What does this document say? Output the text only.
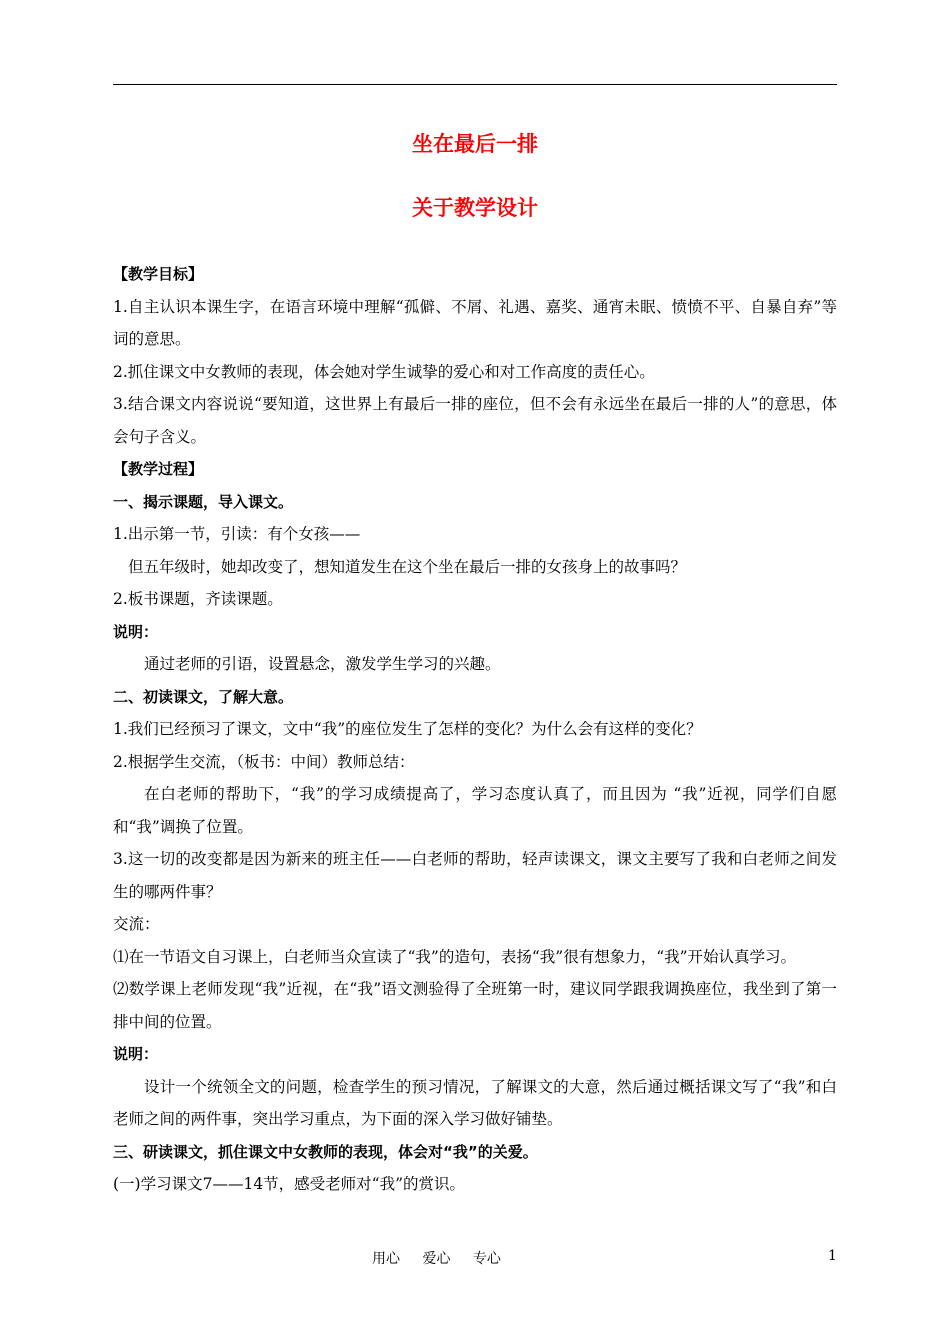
坐在最后一排
关于教学设计

【教学目标】

1.自主认识本课生字，在语言环境中理解“孤僻、不屑、礼遇、嘉奖、通宵未眠、愤愤不平、自暴自弃”等词的意思。

2.抓住课文中女教师的表现，体会她对学生诚挚的爱心和对工作高度的责任心。

3.结合课文内容说说“要知道，这世界上有最后一排的座位，但不会有永远坐在最后一排的人”的意思，体会句子含义。

【教学过程】

一、揭示课题，导入课文。

1.出示第一节，引读：有个女孩——

但五年级时，她却改变了，想知道发生在这个坐在最后一排的女孩身上的故事吗？

2.板书课题，齐读课题。

说明：

通过老师的引语，设置悬念，激发学生学习的兴趣。

二、初读课文，了解大意。

1.我们已经预习了课文，文中“我”的座位发生了怎样的变化？为什么会有这样的变化？

2.根据学生交流，（板书：中间）教师总结：

在白老师的帮助下，“我”的学习成绩提高了，学习态度认真了，而且因为 “我”近视，同学们自愿和“我”调换了位置。

3.这一切的改变都是因为新来的班主任——白老师的帮助，轻声读课文，课文主要写了我和白老师之间发生的哪两件事？

交流：

⑴在一节语文自习课上，白老师当众宣读了“我”的造句，表扬“我”很有想象力，“我”开始认真学习。

⑵数学课上老师发现“我”近视，在“我”语文测验得了全班第一时，建议同学跟我调换座位，我坐到了第一排中间的位置。

说明：

设计一个统领全文的问题，检查学生的预习情况，了解课文的大意，然后通过概括课文写了“我”和白老师之间的两件事，突出学习重点，为下面的深入学习做好铺垫。

三、研读课文，抓住课文中女教师的表现，体会对“我”的关爱。

(一)学习课文7——14节，感受老师对“我”的赏识。

用心 爱心 专心	1
